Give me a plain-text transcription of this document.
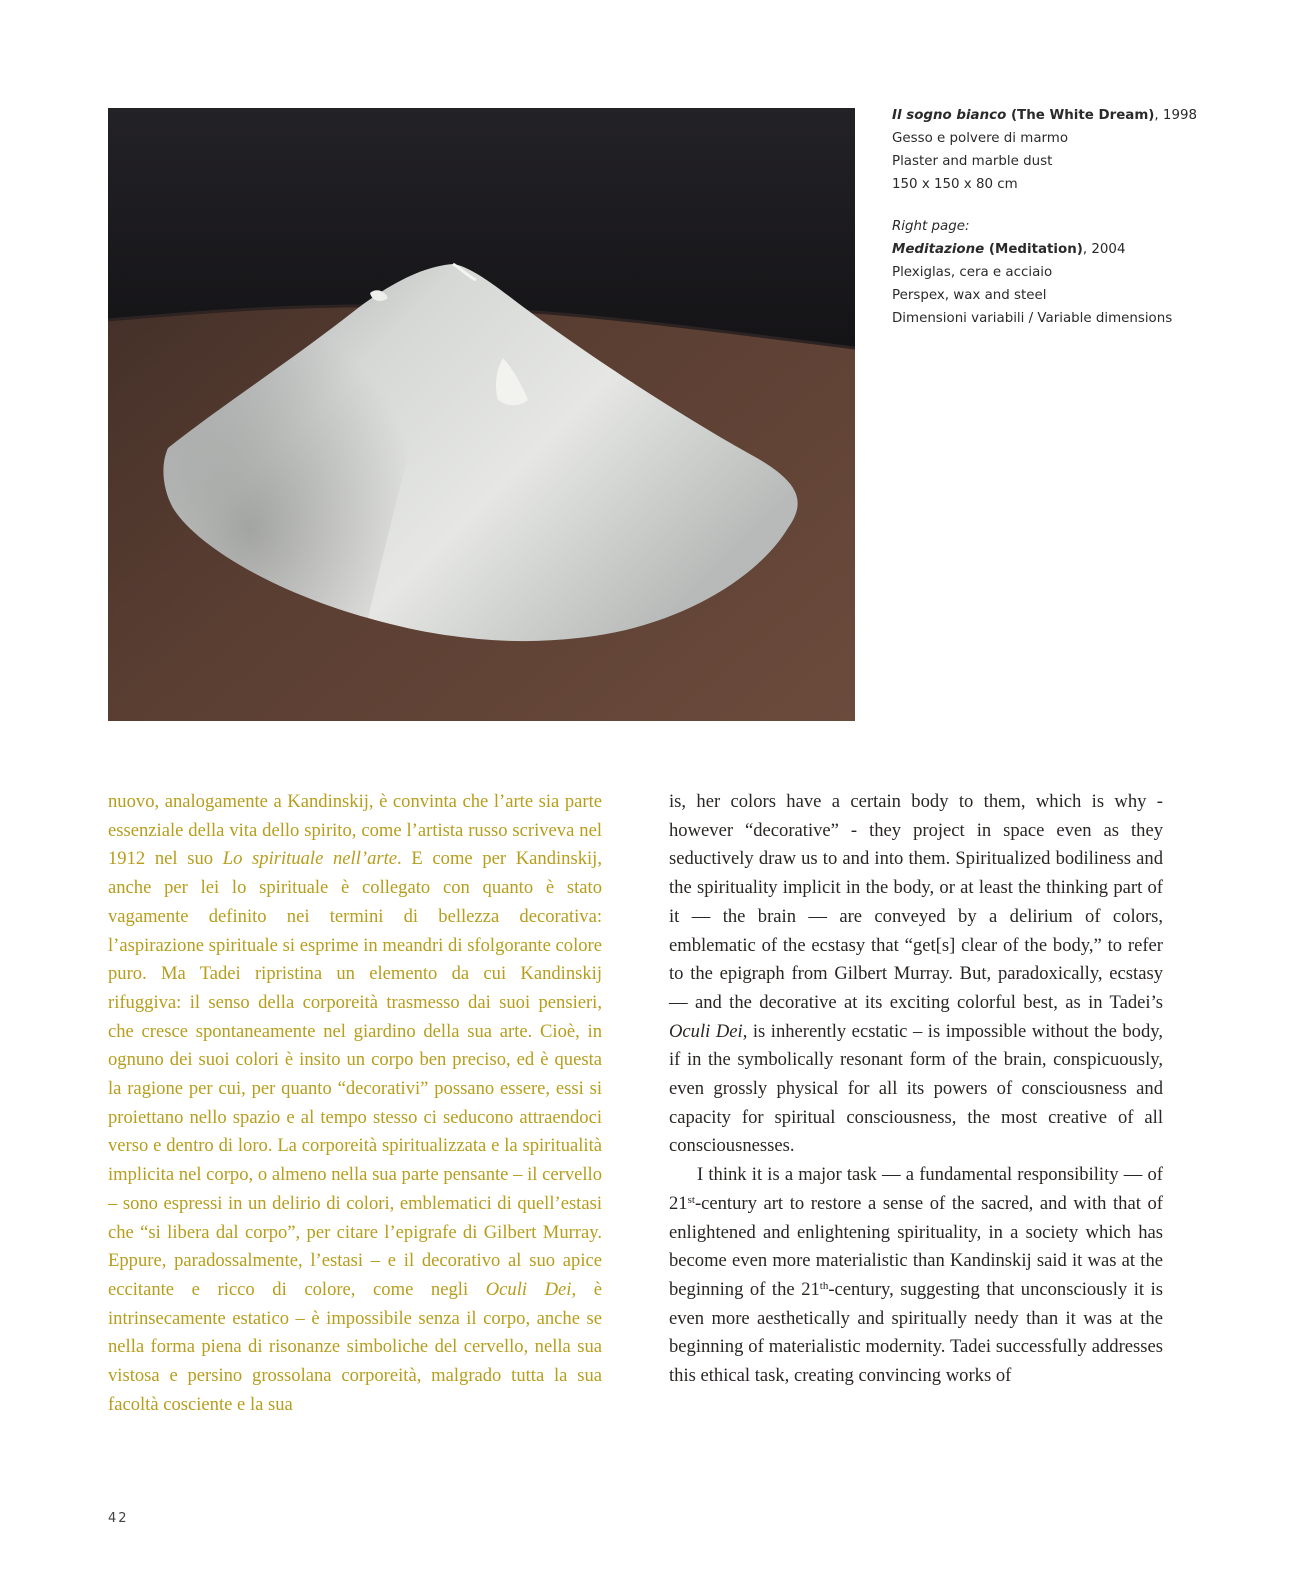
Il sogno bianco (The White Dream), 1998
Gesso e polvere di marmo
Plaster and marble dust
150 x 150 x 80 cm
Right page:
Meditazione (Meditation), 2004
Plexiglas, cera e acciaio
Perspex, wax and steel
Dimensioni variabili / Variable dimensions

nuovo, analogamente a Kandinskij, è convinta che l’arte sia parte essenziale della vita dello spirito, come l’artista russo scriveva nel 1912 nel suo Lo spirituale nell’arte. E come per Kandinskij, anche per lei lo spirituale è collegato con quanto è stato vagamente definito nei termini di bellezza decorativa: l’aspirazione spirituale si esprime in meandri di sfolgorante colore puro. Ma Tadei ripristina un elemento da cui Kandinskij rifuggiva: il senso della corporeità trasmesso dai suoi pensieri, che cresce spontaneamente nel giardino della sua arte. Cioè, in ognuno dei suoi colori è insito un corpo ben preciso, ed è questa la ragione per cui, per quanto “decorativi” possano essere, essi si proiettano nello spazio e al tempo stesso ci seducono attraendoci verso e dentro di loro. La corporeità spiritualizzata e la spiritualità implicita nel corpo, o almeno nella sua parte pensante – il cervello – sono espressi in un delirio di colori, emblematici di quell’estasi che “si libera dal corpo”, per citare l’epigrafe di Gilbert Murray. Eppure, paradossalmente, l’estasi – e il decorativo al suo apice eccitante e ricco di colore, come negli Oculi Dei, è intrinsecamente estatico – è impossibile senza il corpo, anche se nella forma piena di risonanze simboliche del cervello, nella sua vistosa e persino grossolana corporeità, malgrado tutta la sua facoltà cosciente e la sua

is, her colors have a certain body to them, which is why - however “decorative” - they project in space even as they seductively draw us to and into them. Spiritualized bodiliness and the spirituality implicit in the body, or at least the thinking part of it — the brain — are conveyed by a delirium of colors, emblematic of the ecstasy that “get[s] clear of the body,” to refer to the epigraph from Gilbert Murray. But, paradoxically, ecstasy — and the decorative at its exciting colorful best, as in Tadei’s Oculi Dei, is inherently ecstatic – is impossible without the body, if in the symbolically resonant form of the brain, conspicuously, even grossly physical for all its powers of consciousness and capacity for spiritual consciousness, the most creative of all consciousnesses.

I think it is a major task — a fundamental responsibility — of 21st-century art to restore a sense of the sacred, and with that of enlightened and enlightening spirituality, in a society which has become even more materialistic than Kandinskij said it was at the beginning of the 21th-century, suggesting that unconsciously it is even more aesthetically and spiritually needy than it was at the beginning of materialistic modernity. Tadei successfully addresses this ethical task, creating convincing works of

42
